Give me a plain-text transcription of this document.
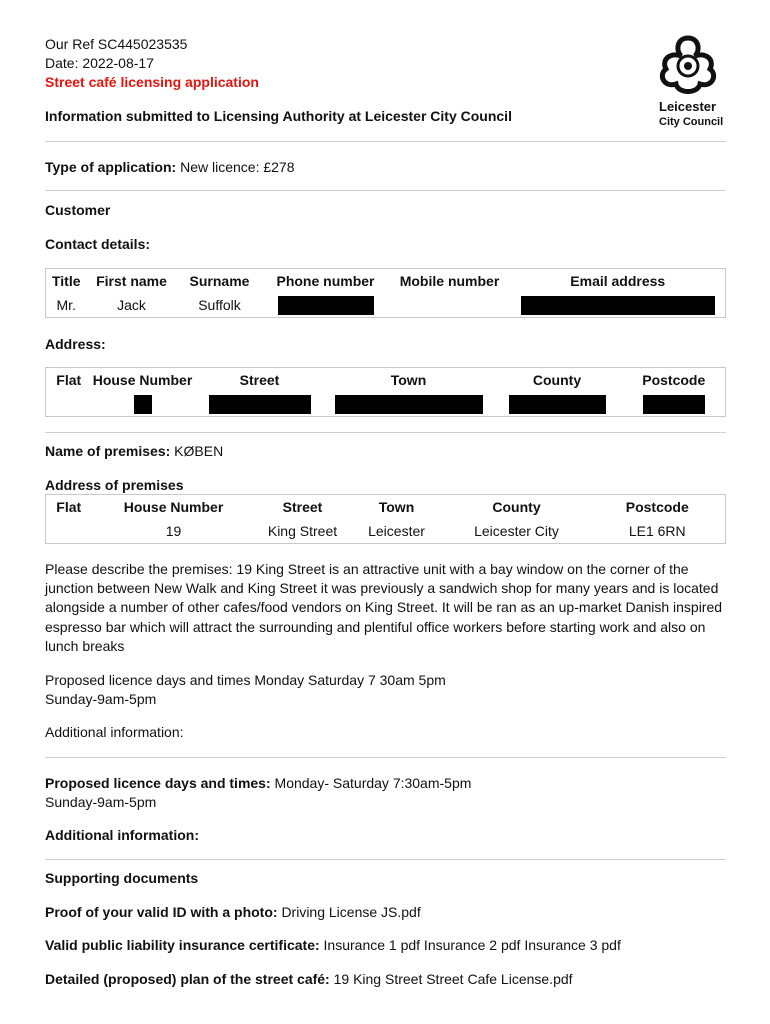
Our Ref SC445023535
Date: 2022-08-17
Street café licensing application
Information submitted to Licensing Authority at Leicester City Council
Leicester
City Council
Type of application: New licence: £278
Customer
Contact details:
Title	First name	Surname	Phone number	Mobile number	Email address
Mr.	Jack	Suffolk			
Address:
Flat	House Number	Street	Town	County	Postcode

Name of premises: KØBEN
Address of premises
Flat	House Number	Street	Town	County	Postcode
	19	King Street	Leicester	Leicester City	LE1 6RN
Please describe the premises: 19 King Street is an attractive unit with a bay window on the corner of the junction between New Walk and King Street it was previously a sandwich shop for many years and is located alongside a number of other cafes/food vendors on King Street. It will be ran as an up-market Danish inspired espresso bar which will attract the surrounding and plentiful office workers before starting work and also on lunch breaks
Proposed licence days and times Monday Saturday 7 30am 5pm
Sunday-9am-5pm
Additional information:
Proposed licence days and times: Monday- Saturday 7:30am-5pm
Sunday-9am-5pm
Additional information:
Supporting documents
Proof of your valid ID with a photo: Driving License JS.pdf
Valid public liability insurance certificate: Insurance 1 pdf Insurance 2 pdf Insurance 3 pdf
Detailed (proposed) plan of the street café: 19 King Street Street Cafe License.pdf
